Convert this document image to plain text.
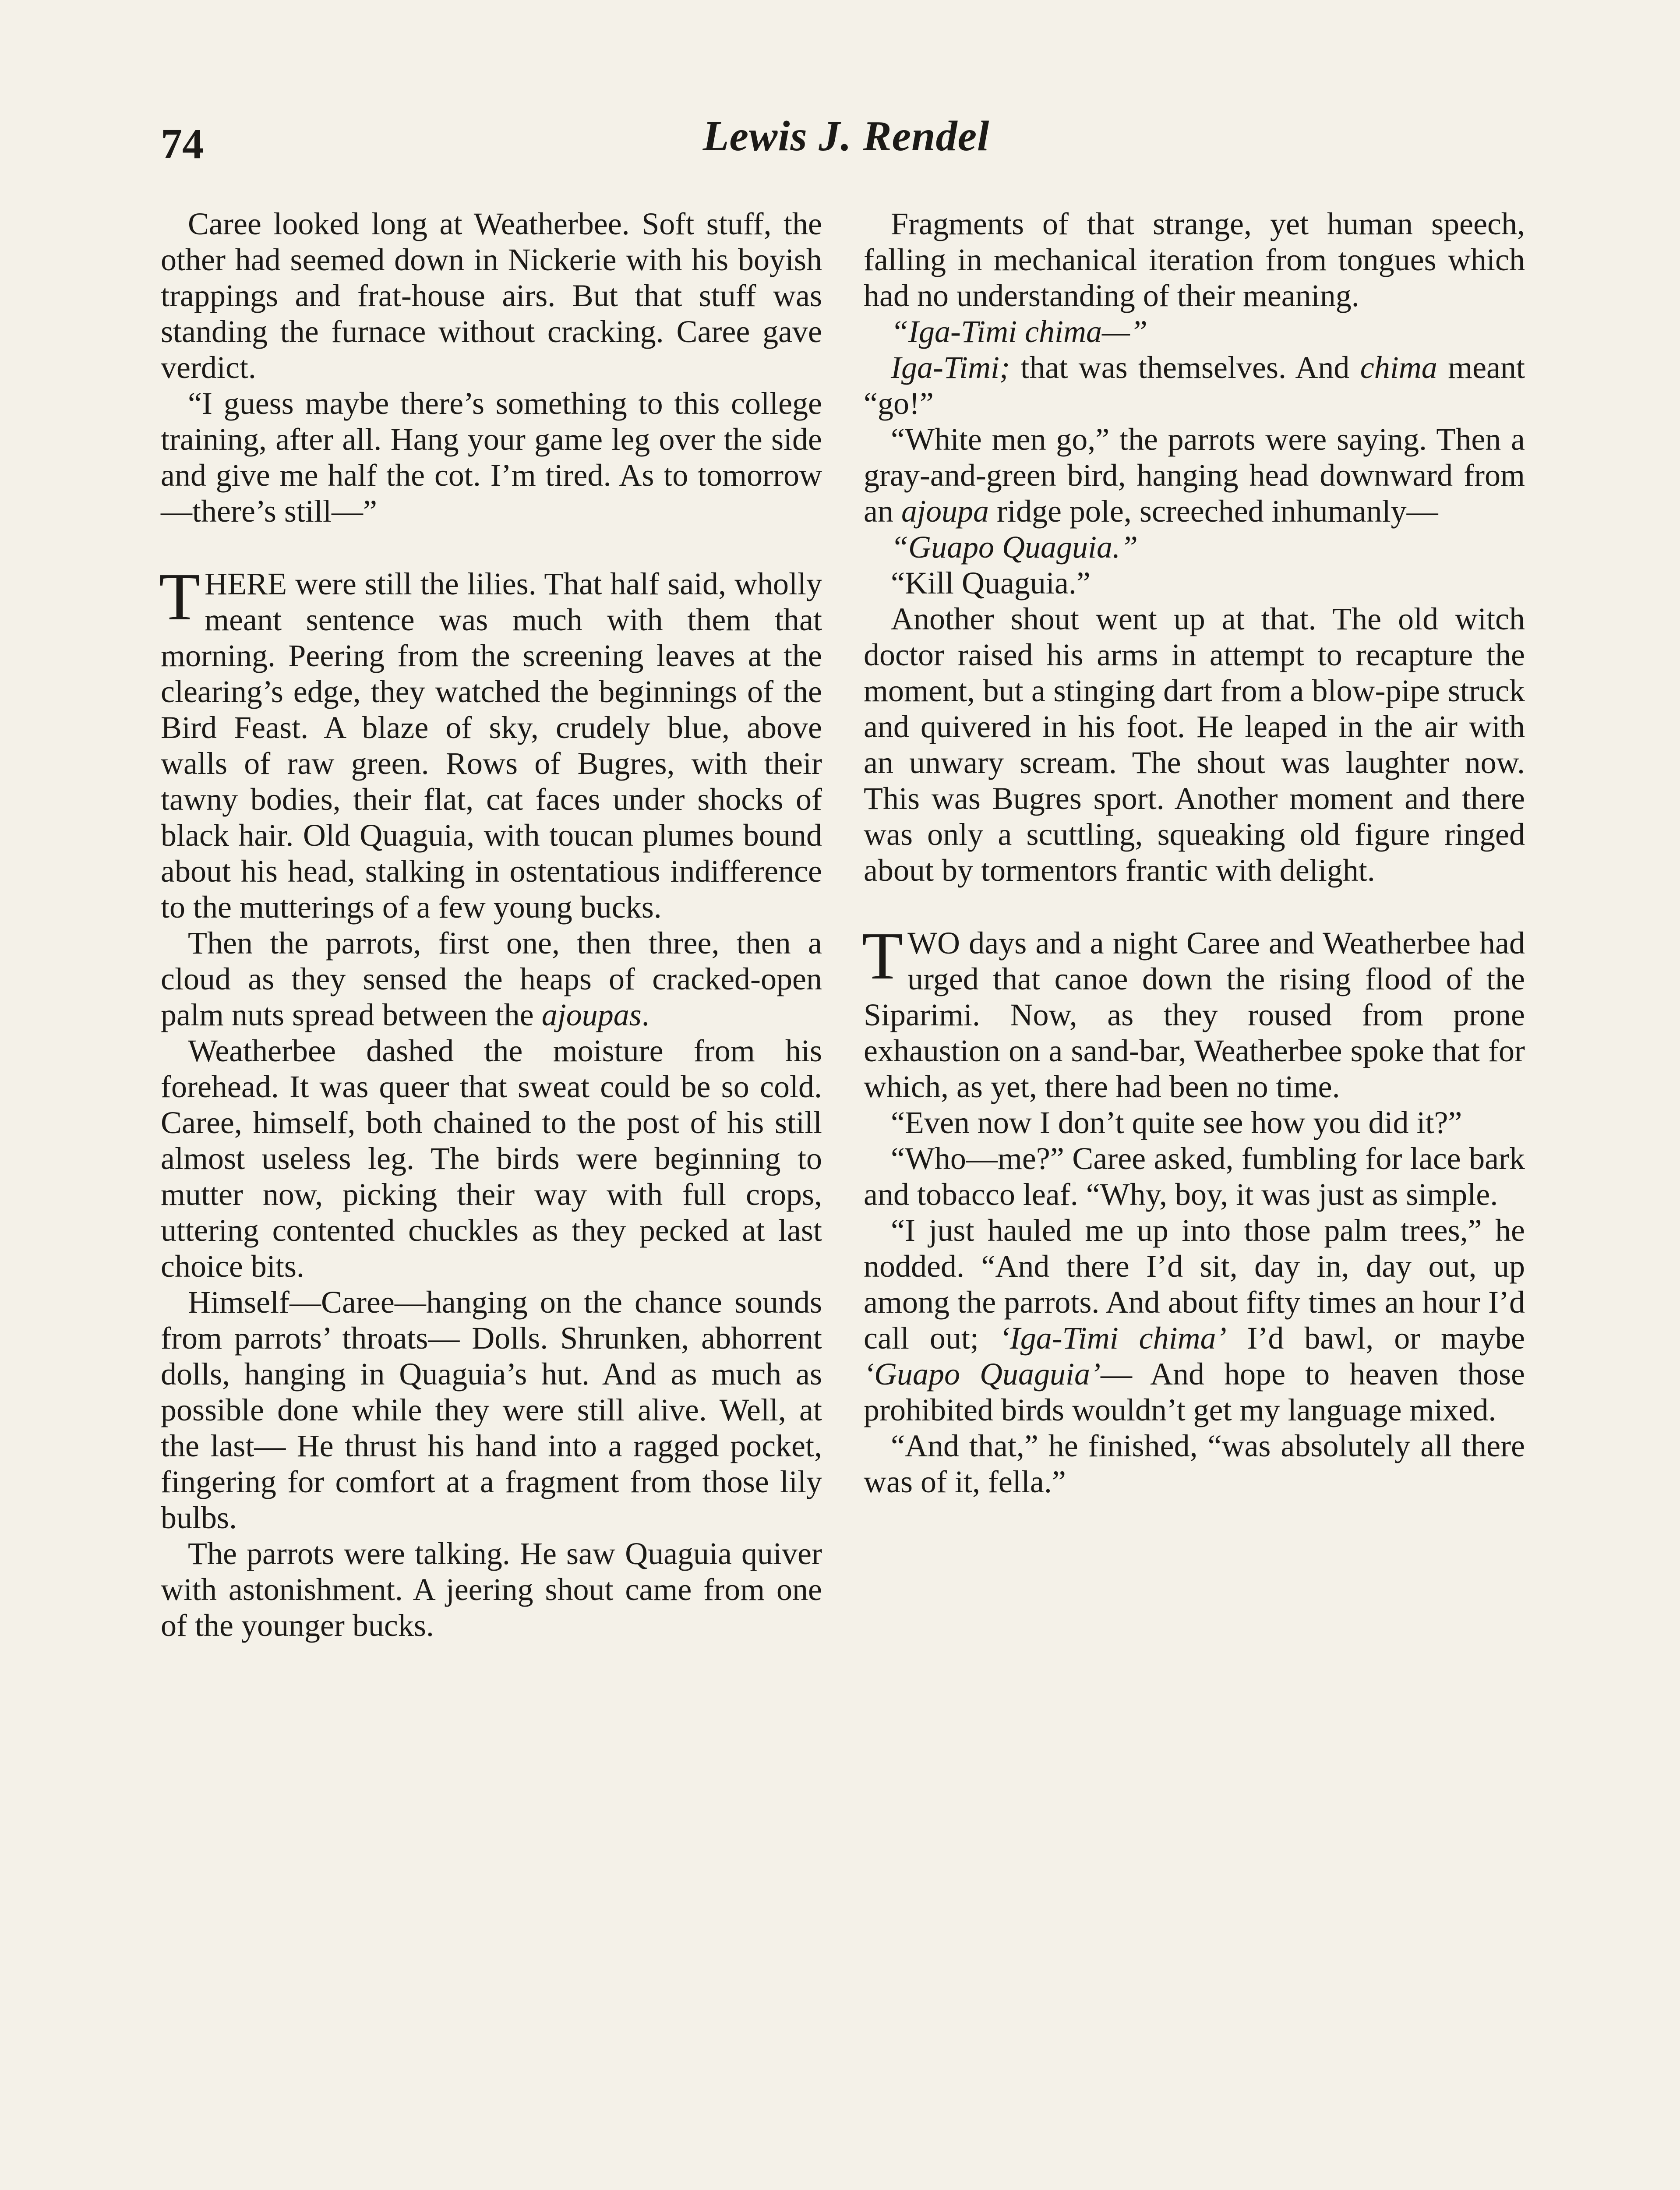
74	Lewis J. Rendel

Caree looked long at Weatherbee. Soft stuff, the other had seemed down in Nickerie with his boyish trappings and frat-house airs. But that stuff was standing the furnace without cracking. Caree gave verdict.

“I guess maybe there’s something to this college training, after all. Hang your game leg over the side and give me half the cot. I’m tired. As to tomorrow—there’s still—”

THERE were still the lilies. That half said, wholly meant sentence was much with them that morning. Peering from the screening leaves at the clearing’s edge, they watched the beginnings of the Bird Feast. A blaze of sky, crudely blue, above walls of raw green. Rows of Bugres, with their tawny bodies, their flat, cat faces under shocks of black hair. Old Quaguia, with toucan plumes bound about his head, stalking in ostentatious indifference to the mutterings of a few young bucks.

Then the parrots, first one, then three, then a cloud as they sensed the heaps of cracked-open palm nuts spread between the ajoupas.

Weatherbee dashed the moisture from his forehead. It was queer that sweat could be so cold. Caree, himself, both chained to the post of his still almost useless leg. The birds were beginning to mutter now, picking their way with full crops, uttering contented chuckles as they pecked at last choice bits.

Himself—Caree—hanging on the chance sounds from parrots’ throats— Dolls. Shrunken, abhorrent dolls, hanging in Quaguia’s hut. And as much as possible done while they were still alive. Well, at the last— He thrust his hand into a ragged pocket, fingering for comfort at a fragment from those lily bulbs.

The parrots were talking. He saw Quaguia quiver with astonishment. A jeering shout came from one of the younger bucks.

Fragments of that strange, yet human speech, falling in mechanical iteration from tongues which had no understanding of their meaning.

“Iga-Timi chima—”

Iga-Timi; that was themselves. And chima meant “go!”

“White men go,” the parrots were saying. Then a gray-and-green bird, hanging head downward from an ajoupa ridge pole, screeched inhumanly—

“Guapo Quaguia.”

“Kill Quaguia.”

Another shout went up at that. The old witch doctor raised his arms in attempt to recapture the moment, but a stinging dart from a blow-pipe struck and quivered in his foot. He leaped in the air with an unwary scream. The shout was laughter now. This was Bugres sport. Another moment and there was only a scuttling, squeaking old figure ringed about by tormentors frantic with delight.

TWO days and a night Caree and Weatherbee had urged that canoe down the rising flood of the Siparimi. Now, as they roused from prone exhaustion on a sand-bar, Weatherbee spoke that for which, as yet, there had been no time.

“Even now I don’t quite see how you did it?”

“Who—me?” Caree asked, fumbling for lace bark and tobacco leaf. “Why, boy, it was just as simple.

“I just hauled me up into those palm trees,” he nodded. “And there I’d sit, day in, day out, up among the parrots. And about fifty times an hour I’d call out; ‘Iga-Timi chima’ I’d bawl, or maybe ‘Guapo Quaguia’— And hope to heaven those prohibited birds wouldn’t get my language mixed.

“And that,” he finished, “was absolutely all there was of it, fella.”
